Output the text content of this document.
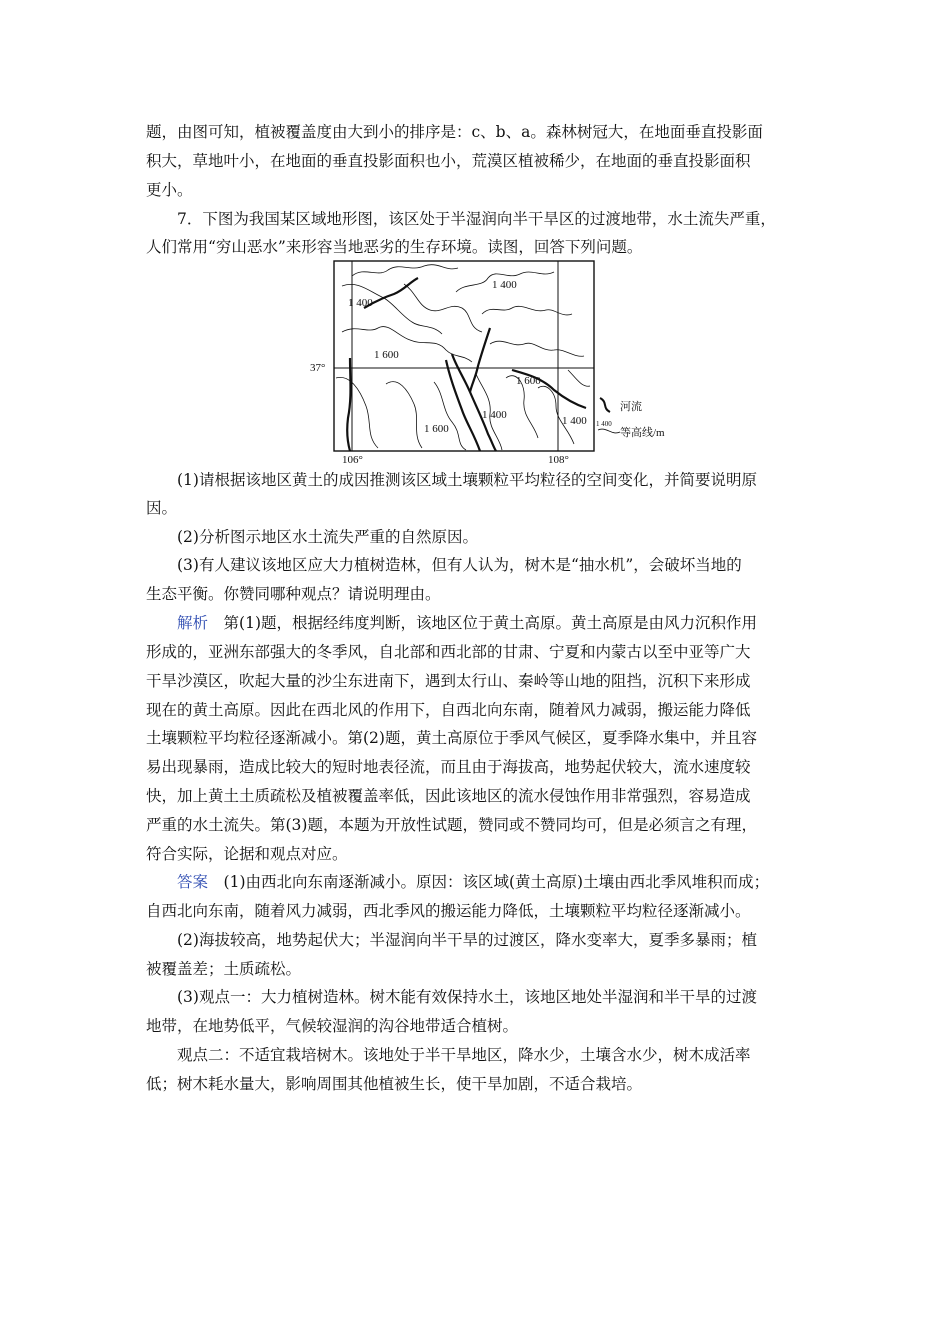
题，由图可知，植被覆盖度由大到小的排序是：c、b、a。森林树冠大，在地面垂直投影面

积大，草地叶小，在地面的垂直投影面积也小，荒漠区植被稀少，在地面的垂直投影面积

更小。

7．下图为我国某区域地形图，该区处于半湿润向半干旱区的过渡地带，水土流失严重，

人们常用“穷山恶水”来形容当地恶劣的生存环境。读图，回答下列问题。

1 400
1 400
1 600
1 600
1 400
1 600
1 400
37°
106°	108°
河流
1 400
等高线/m

(1)请根据该地区黄土的成因推测该区域土壤颗粒平均粒径的空间变化，并简要说明原

因。

(2)分析图示地区水土流失严重的自然原因。

(3)有人建议该地区应大力植树造林，但有人认为，树木是“抽水机”，会破坏当地的

生态平衡。你赞同哪种观点？请说明理由。

解析　 第(1)题，根据经纬度判断，该地区位于黄土高原。黄土高原是由风力沉积作用

形成的，亚洲东部强大的冬季风，自北部和西北部的甘肃、宁夏和内蒙古以至中亚等广大

干旱沙漠区，吹起大量的沙尘东进南下，遇到太行山、秦岭等山地的阻挡，沉积下来形成

现在的黄土高原。因此在西北风的作用下，自西北向东南，随着风力减弱，搬运能力降低

土壤颗粒平均粒径逐渐减小。第(2)题，黄土高原位于季风气候区，夏季降水集中，并且容

易出现暴雨，造成比较大的短时地表径流，而且由于海拔高，地势起伏较大，流水速度较

快，加上黄土土质疏松及植被覆盖率低，因此该地区的流水侵蚀作用非常强烈，容易造成

严重的水土流失。第(3)题，本题为开放性试题，赞同或不赞同均可，但是必须言之有理，

符合实际，论据和观点对应。

答案　 (1)由西北向东南逐渐减小。原因：该区域(黄土高原)土壤由西北季风堆积而成；

自西北向东南，随着风力减弱，西北季风的搬运能力降低，土壤颗粒平均粒径逐渐减小。

(2)海拔较高，地势起伏大；半湿润向半干旱的过渡区，降水变率大，夏季多暴雨；植

被覆盖差；土质疏松。

(3)观点一：大力植树造林。树木能有效保持水土，该地区地处半湿润和半干旱的过渡

地带，在地势低平，气候较湿润的沟谷地带适合植树。

观点二：不适宜栽培树木。该地处于半干旱地区，降水少，土壤含水少，树木成活率

低；树木耗水量大，影响周围其他植被生长，使干旱加剧，不适合栽培。
